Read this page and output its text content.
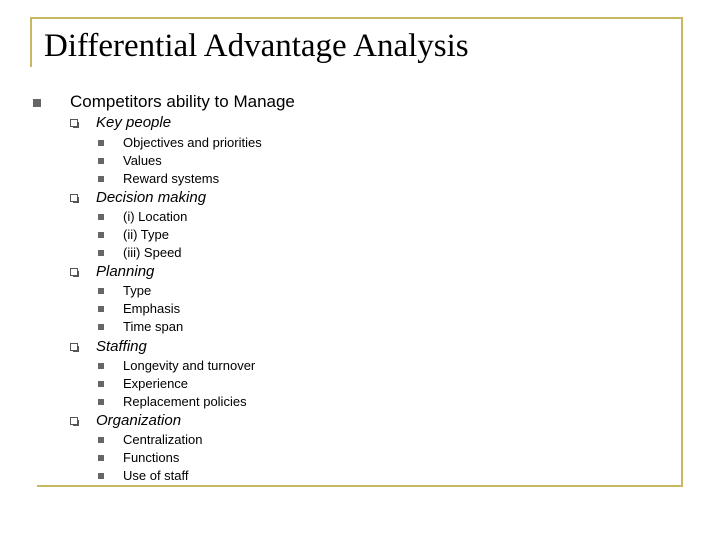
Differential Advantage Analysis
Competitors ability to Manage
Key people
Objectives and priorities
Values
Reward systems
Decision making
(i) Location
(ii) Type
(iii) Speed
Planning
Type
Emphasis
Time span
Staffing
Longevity and turnover
Experience
Replacement policies
Organization
Centralization
Functions
Use of staff
